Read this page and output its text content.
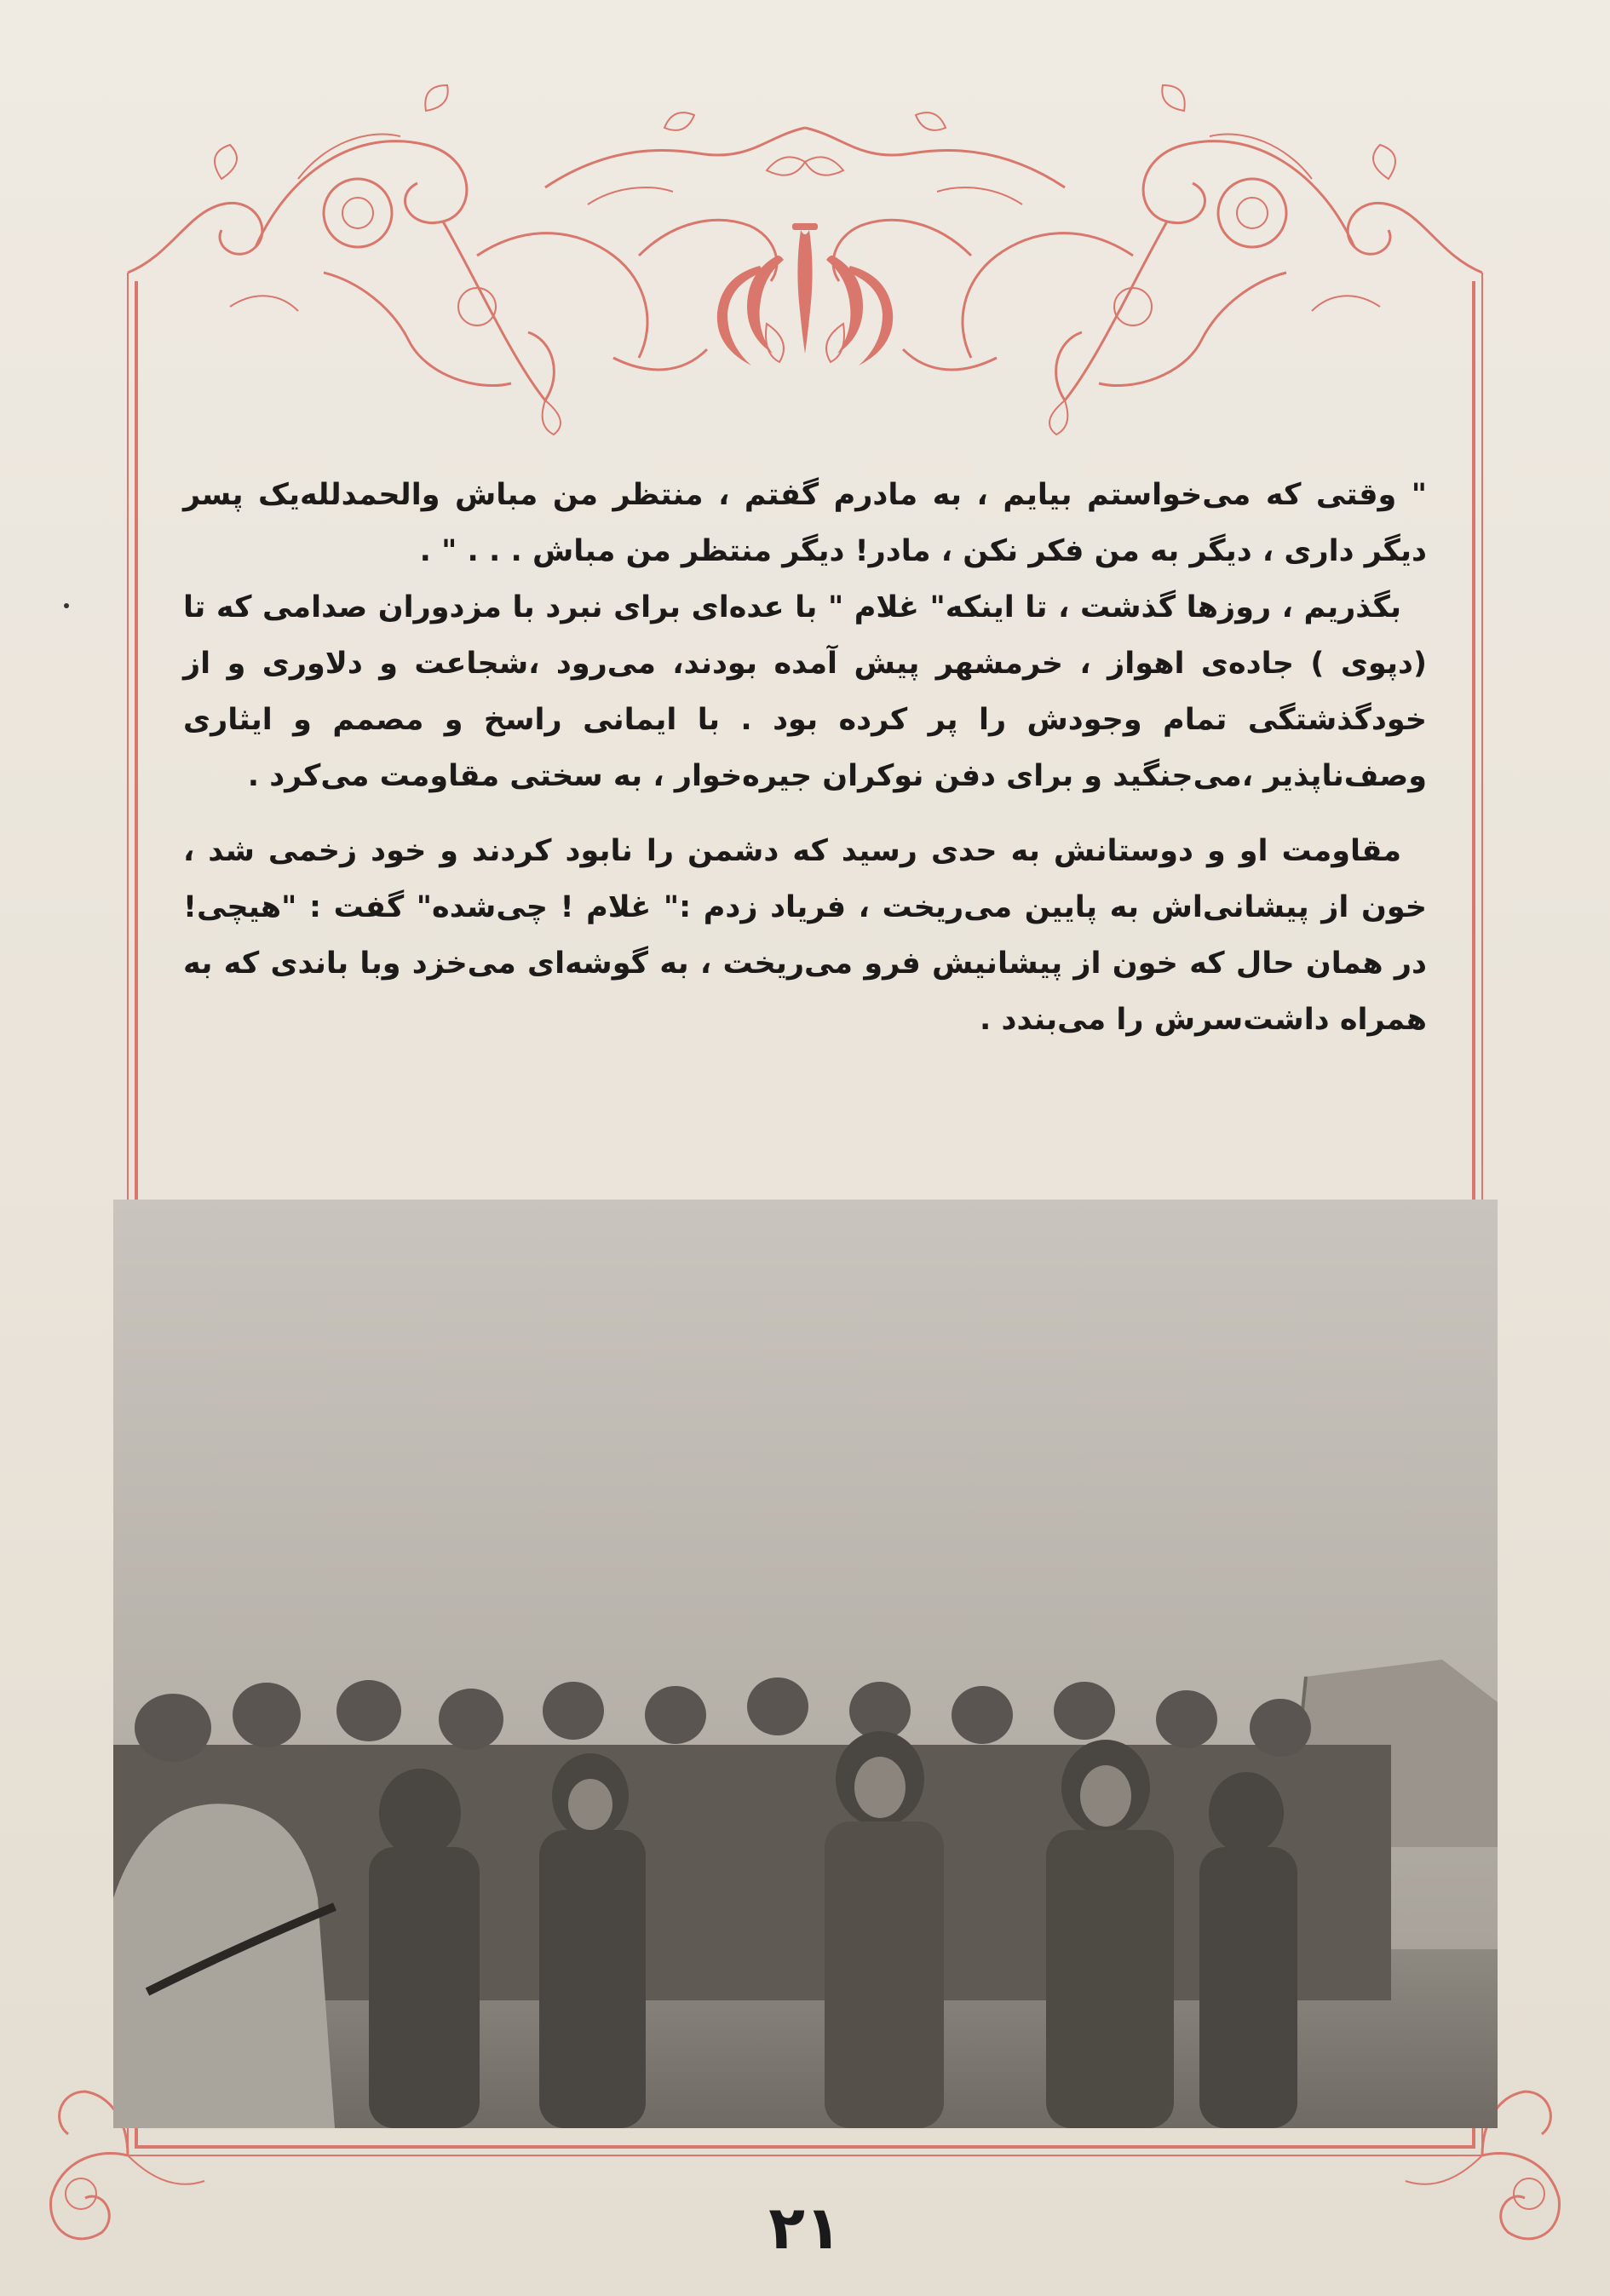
" وقتی که می‌خواستم بیایم ، به مادرم گفتم ، منتظر من مباش والحمدلله‌یک پسر دیگر داری ، دیگر به من فکر نکن ، مادر! دیگر منتظر من مباش . . . " .

بگذریم ، روزها گذشت ، تا اینکه" غلام " با عده‌ای برای نبرد با مزدوران صدامی که تا (دپوی ) جاده‌ی اهواز ، خرمشهر پیش آمده بودند، می‌رود ،شجاعت و دلاوری و از خودگذشتگی تمام وجودش را پر کرده بود . با ایمانی راسخ و مصمم و ایثاری وصف‌ناپذیر ،می‌جنگید و برای دفن نوکران جیره‌خوار ، به سختی مقاومت می‌کرد .

مقاومت او و دوستانش به حدی رسید که دشمن را نابود کردند و خود زخمی شد ، خون از پیشانی‌اش به پایین می‌ریخت ، فریاد زدم :" غلام ! چی‌شده" گفت : "هیچی! در همان حال که خون از پیشانیش فرو می‌ریخت ، به گوشه‌ای می‌خزد وبا باندی که به همراه داشت‌سرش را می‌بندد .

۲۱
